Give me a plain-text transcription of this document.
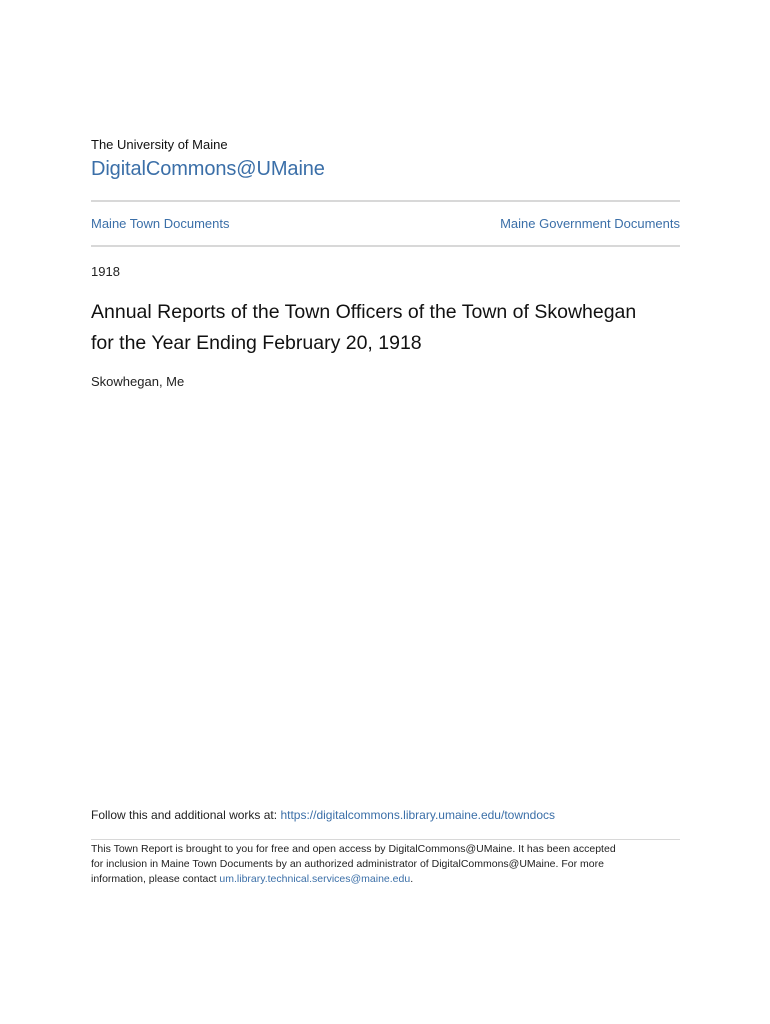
The University of Maine
DigitalCommons@UMaine
Maine Town Documents	Maine Government Documents
1918
Annual Reports of the Town Officers of the Town of Skowhegan
for the Year Ending February 20, 1918
Skowhegan, Me
Follow this and additional works at: https://digitalcommons.library.umaine.edu/towndocs
This Town Report is brought to you for free and open access by DigitalCommons@UMaine. It has been accepted
for inclusion in Maine Town Documents by an authorized administrator of DigitalCommons@UMaine. For more
information, please contact um.library.technical.services@maine.edu.
